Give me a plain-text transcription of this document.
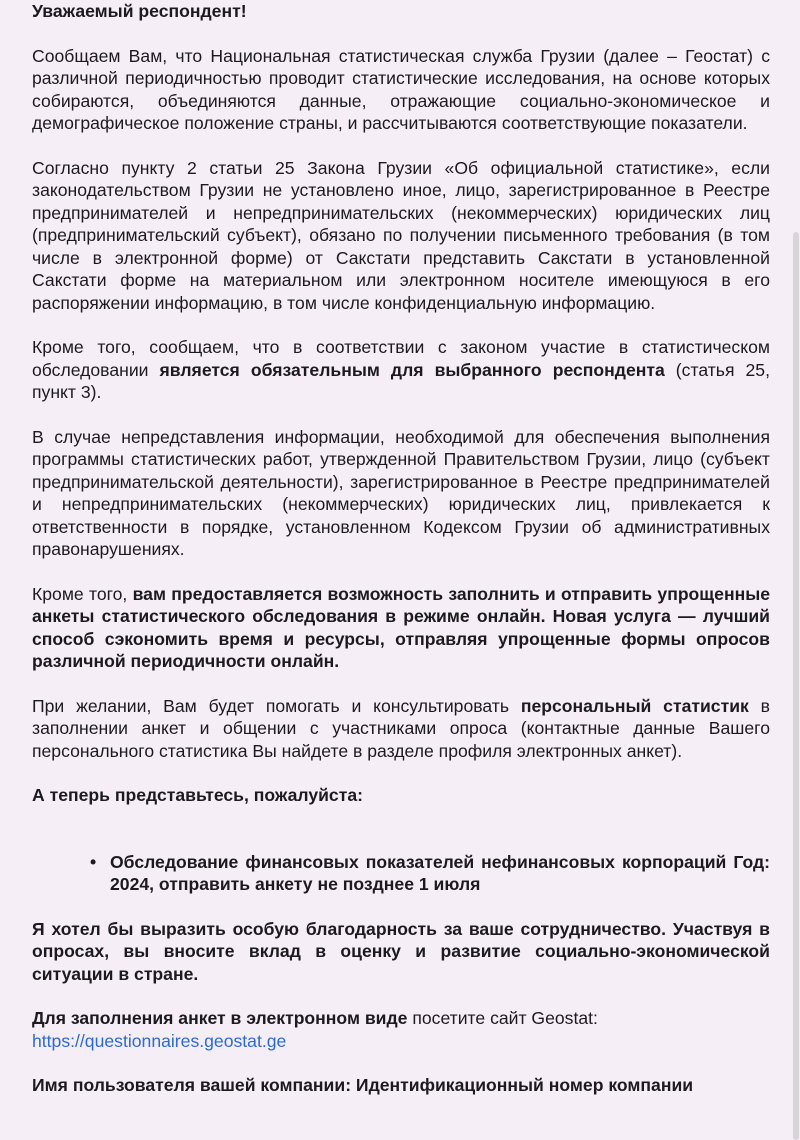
Уважаемый респондент!

Сообщаем Вам, что Национальная статистическая служба Грузии (далее – Геостат) с различной периодичностью проводит статистические исследования, на основе которых собираются, объединяются данные, отражающие социально-экономическое и демографическое положение страны, и рассчитываются соответствующие показатели.

Согласно пункту 2 статьи 25 Закона Грузии «Об официальной статистике», если законодательством Грузии не установлено иное, лицо, зарегистрированное в Реестре предпринимателей и непредпринимательских (некоммерческих) юридических лиц (предпринимательский субъект), обязано по получении письменного требования (в том числе в электронной форме) от Сакстати представить Сакстати в установленной Сакстати форме на материальном или электронном носителе имеющуюся в его распоряжении информацию, в том числе конфиденциальную информацию.

Кроме того, сообщаем, что в соответствии с законом участие в статистическом обследовании является обязательным для выбранного респондента (статья 25, пункт 3).

В случае непредставления информации, необходимой для обеспечения выполнения программы статистических работ, утвержденной Правительством Грузии, лицо (субъект предпринимательской деятельности), зарегистрированное в Реестре предпринимателей и непредпринимательских (некоммерческих) юридических лиц, привлекается к ответственности в порядке, установленном Кодексом Грузии об административных правонарушениях.

Кроме того, вам предоставляется возможность заполнить и отправить упрощенные анкеты статистического обследования в режиме онлайн. Новая услуга — лучший способ сэкономить время и ресурсы, отправляя упрощенные формы опросов различной периодичности онлайн.

При желании, Вам будет помогать и консультировать персональный статистик в заполнении анкет и общении с участниками опроса (контактные данные Вашего персонального статистика Вы найдете в разделе профиля электронных анкет).

А теперь представьтесь, пожалуйста:

• Обследование финансовых показателей нефинансовых корпораций Год: 2024, отправить анкету не позднее 1 июля

Я хотел бы выразить особую благодарность за ваше сотрудничество. Участвуя в опросах, вы вносите вклад в оценку и развитие социально-экономической ситуации в стране.

Для заполнения анкет в электронном виде посетите сайт Geostat:
https://questionnaires.geostat.ge

Имя пользователя вашей компании: Идентификационный номер компании
